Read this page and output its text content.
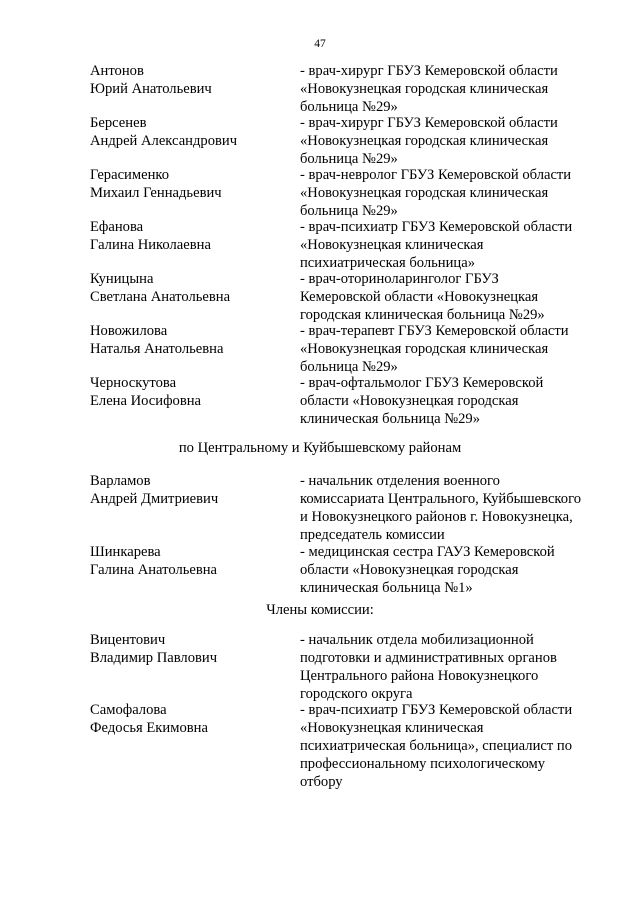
47
Антонов
Юрий Анатольевич
- врач-хирург ГБУЗ Кемеровской области
«Новокузнецкая городская клиническая
больница №29»
Берсенев
Андрей Александрович
- врач-хирург ГБУЗ Кемеровской области
«Новокузнецкая городская клиническая
больница №29»
Герасименко
Михаил Геннадьевич
- врач-невролог ГБУЗ Кемеровской области
«Новокузнецкая городская клиническая
больница №29»
Ефанова
Галина Николаевна
- врач-психиатр ГБУЗ Кемеровской области
«Новокузнецкая клиническая
психиатрическая больница»
Куницына
Светлана Анатольевна
- врач-оториноларинголог ГБУЗ
Кемеровской области «Новокузнецкая
городская клиническая больница №29»
Новожилова
Наталья Анатольевна
- врач-терапевт ГБУЗ Кемеровской области
«Новокузнецкая городская клиническая
больница №29»
Черноскутова
Елена Иосифовна
- врач-офтальмолог ГБУЗ Кемеровской
области «Новокузнецкая городская
клиническая больница №29»
по Центральному и Куйбышевскому районам
Варламов
Андрей Дмитриевич
- начальник отделения военного
комиссариата Центрального, Куйбышевского
и Новокузнецкого районов г. Новокузнецка,
председатель комиссии
Шинкарева
Галина Анатольевна
- медицинская сестра ГАУЗ Кемеровской
области «Новокузнецкая городская
клиническая больница №1»
Члены комиссии:
Вицентович
Владимир Павлович
- начальник отдела мобилизационной
подготовки и административных органов
Центрального района Новокузнецкого
городского округа
Самофалова
Федосья Екимовна
- врач-психиатр ГБУЗ Кемеровской области
«Новокузнецкая клиническая
психиатрическая больница», специалист по
профессиональному психологическому
отбору
